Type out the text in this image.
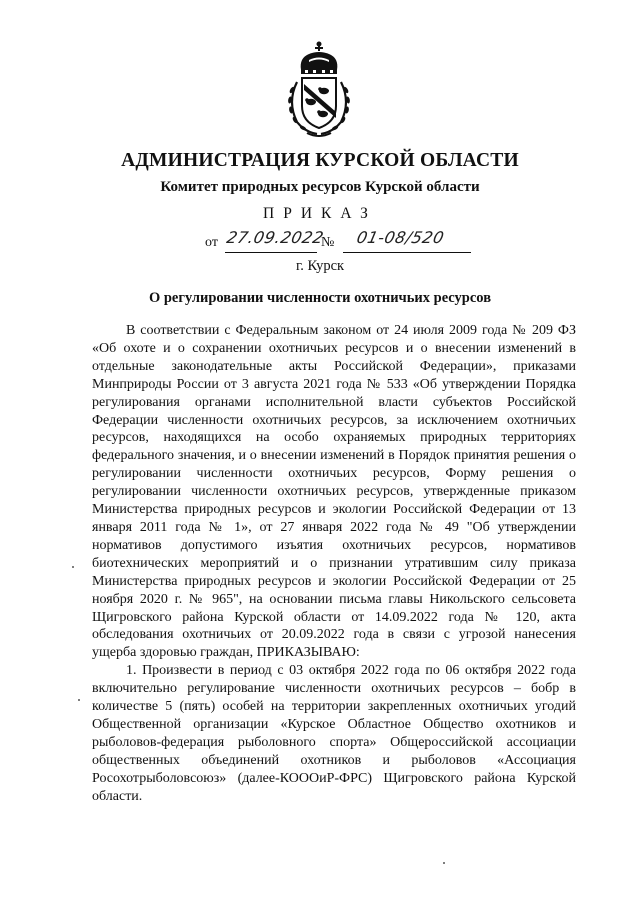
АДМИНИСТРАЦИЯ КУРСКОЙ ОБЛАСТИ
Комитет природных ресурсов Курской области
ПРИКАЗ
от 27.09.2022
№ 01-08/520
г. Курск
О регулировании численности охотничьих ресурсов

В соответствии с Федеральным законом от 24 июля 2009 года № 209 ФЗ «Об охоте и о сохранении охотничьих ресурсов и о внесении изменений в отдельные законодательные акты Российской Федерации», приказами Минприроды России от 3 августа 2021 года № 533 «Об утверждении Порядка регулирования органами исполнительной власти субъектов Российской Федерации численности охотничьих ресурсов, за исключением охотничьих ресурсов, находящихся на особо охраняемых природных территориях федерального значения, и о внесении изменений в Порядок принятия решения о регулировании численности охотничьих ресурсов, Форму решения о регулировании численности охотничьих ресурсов, утвержденные приказом Министерства природных ресурсов и экологии Российской Федерации от 13 января 2011 года № 1», от 27 января 2022 года № 49 "Об утверждении нормативов допустимого изъятия охотничьих ресурсов, нормативов биотехнических мероприятий и о признании утратившим силу приказа Министерства природных ресурсов и экологии Российской Федерации от 25 ноября 2020 г. № 965", на основании письма главы Никольского сельсовета Щигровского района Курской области от 14.09.2022 года № 120, акта обследования охотничьих от 20.09.2022 года в связи с угрозой нанесения ущерба здоровью граждан, ПРИКАЗЫВАЮ:

1. Произвести в период с 03 октября 2022 года по 06 октября 2022 года включительно регулирование численности охотничьих ресурсов – бобр в количестве 5 (пять) особей на территории закрепленных охотничьих угодий Общественной организации «Курское Областное Общество охотников и рыболовов-федерация рыболовного спорта» Общероссийской ассоциации общественных объединений охотников и рыболовов «Ассоциация Росохотрыболовсоюз» (далее-КОООиР-ФРС) Щигровского района Курской области.
